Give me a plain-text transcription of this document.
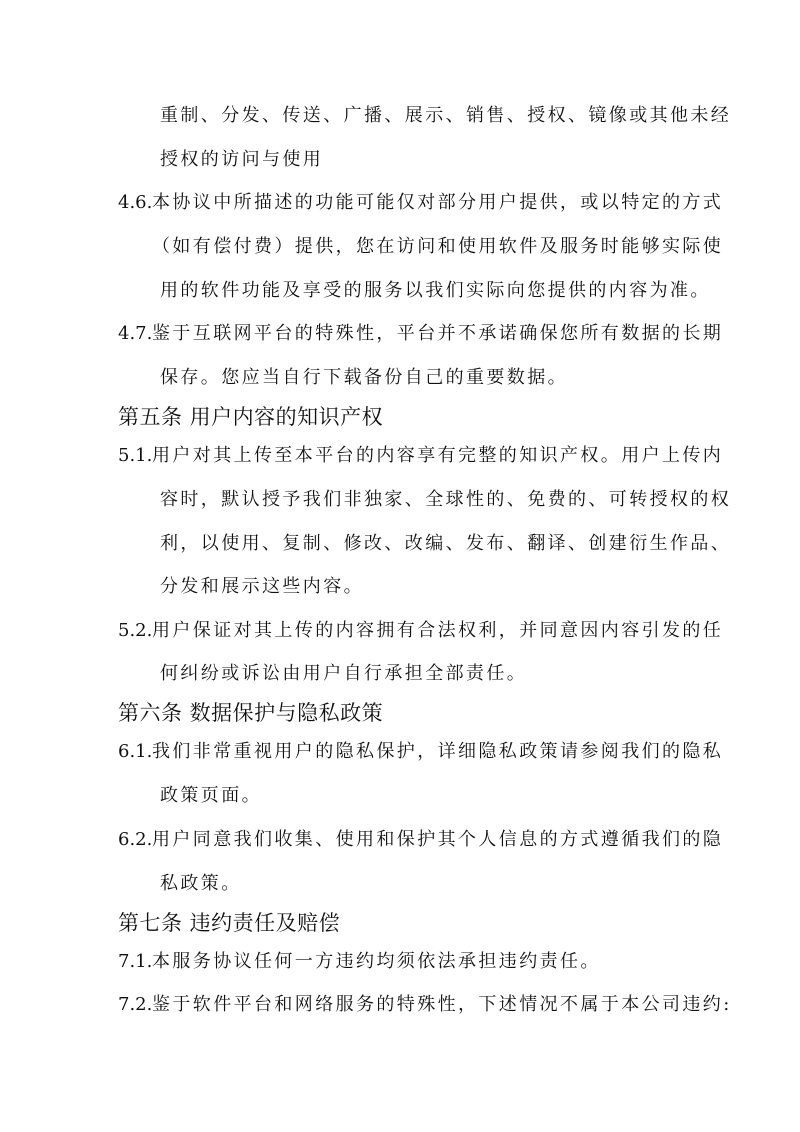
重制、分发、传送、广播、展示、销售、授权、镜像或其他未经
授权的访问与使用
4.6. 本协议中所描述的功能可能仅对部分用户提供，或以特定的方式
（如有偿付费）提供，您在访问和使用软件及服务时能够实际使
用的软件功能及享受的服务以我们实际向您提供的内容为准。
4.7. 鉴于互联网平台的特殊性，平台并不承诺确保您所有数据的长期
保存。您应当自行下载备份自己的重要数据。
第五条 用户内容的知识产权
5.1. 用户对其上传至本平台的内容享有完整的知识产权。用户上传内
容时，默认授予我们非独家、全球性的、免费的、可转授权的权
利，以使用、复制、修改、改编、发布、翻译、创建衍生作品、
分发和展示这些内容。
5.2. 用户保证对其上传的内容拥有合法权利，并同意因内容引发的任
何纠纷或诉讼由用户自行承担全部责任。
第六条 数据保护与隐私政策
6.1. 我们非常重视用户的隐私保护，详细隐私政策请参阅我们的隐私
政策页面。
6.2. 用户同意我们收集、使用和保护其个人信息的方式遵循我们的隐
私政策。
第七条 违约责任及赔偿
7.1. 本服务协议任何一方违约均须依法承担违约责任。
7.2. 鉴于软件平台和网络服务的特殊性，下述情况不属于本公司违约:
